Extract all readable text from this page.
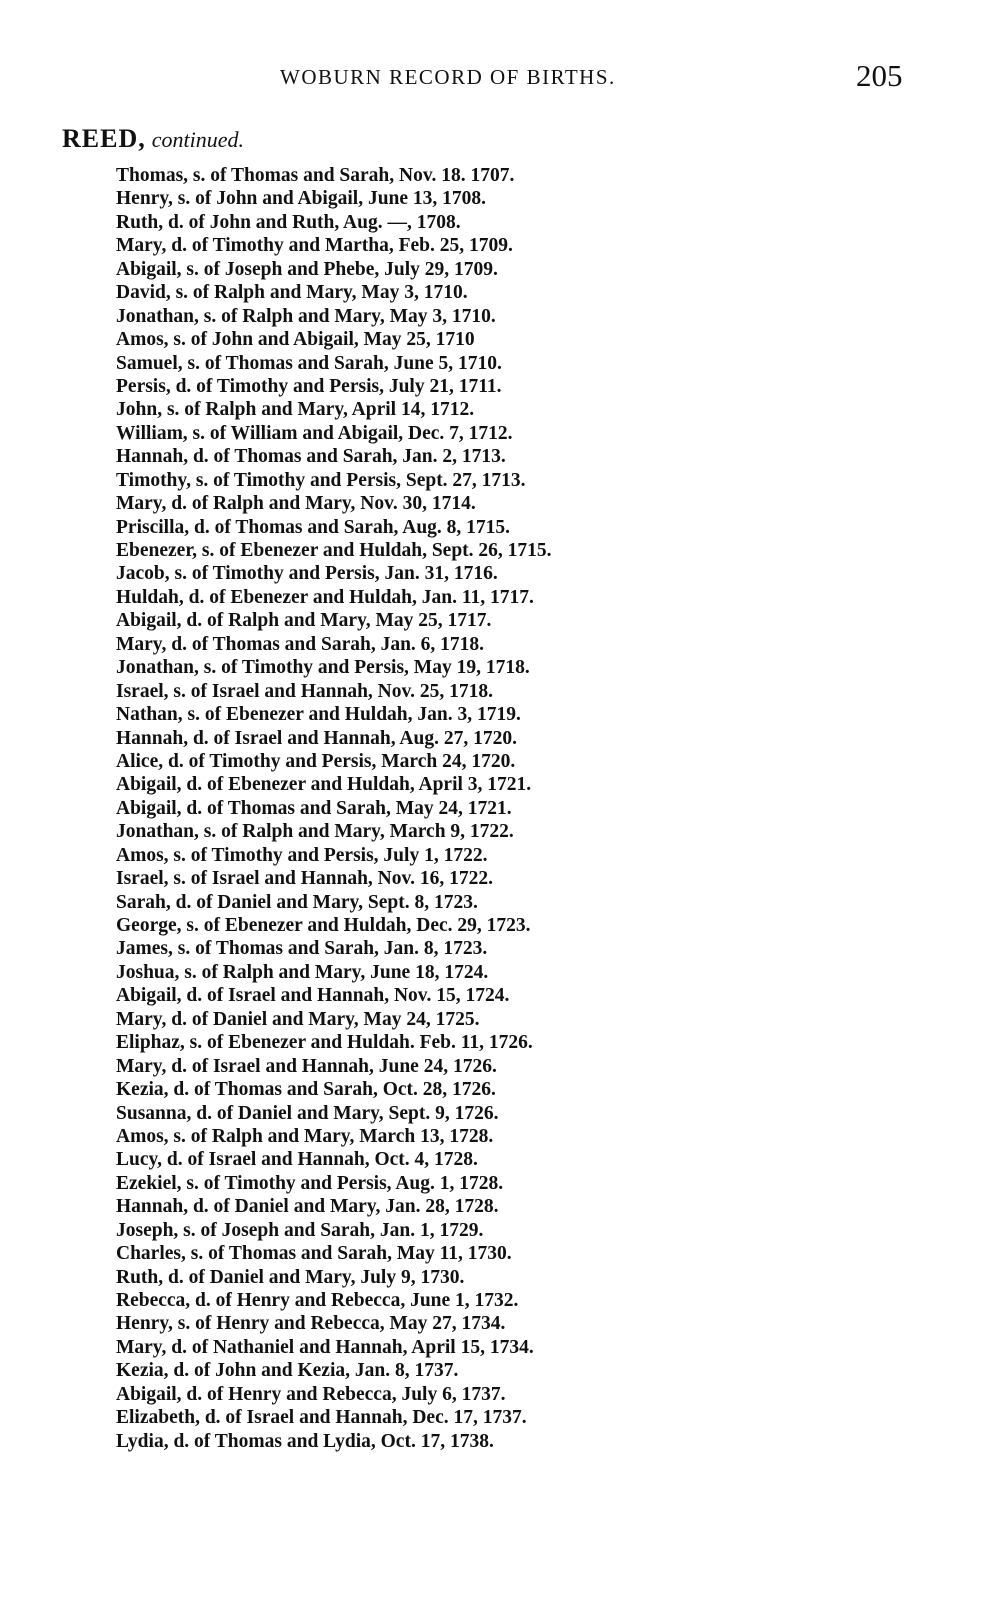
WOBURN RECORD OF BIRTHS.	205
REED, continued.
Thomas, s. of Thomas and Sarah, Nov. 18. 1707.
Henry, s. of John and Abigail, June 13, 1708.
Ruth, d. of John and Ruth, Aug. —, 1708.
Mary, d. of Timothy and Martha, Feb. 25, 1709.
Abigail, s. of Joseph and Phebe, July 29, 1709.
David, s. of Ralph and Mary, May 3, 1710.
Jonathan, s. of Ralph and Mary, May 3, 1710.
Amos, s. of John and Abigail, May 25, 1710
Samuel, s. of Thomas and Sarah, June 5, 1710.
Persis, d. of Timothy and Persis, July 21, 1711.
John, s. of Ralph and Mary, April 14, 1712.
William, s. of William and Abigail, Dec. 7, 1712.
Hannah, d. of Thomas and Sarah, Jan. 2, 1713.
Timothy, s. of Timothy and Persis, Sept. 27, 1713.
Mary, d. of Ralph and Mary, Nov. 30, 1714.
Priscilla, d. of Thomas and Sarah, Aug. 8, 1715.
Ebenezer, s. of Ebenezer and Huldah, Sept. 26, 1715.
Jacob, s. of Timothy and Persis, Jan. 31, 1716.
Huldah, d. of Ebenezer and Huldah, Jan. 11, 1717.
Abigail, d. of Ralph and Mary, May 25, 1717.
Mary, d. of Thomas and Sarah, Jan. 6, 1718.
Jonathan, s. of Timothy and Persis, May 19, 1718.
Israel, s. of Israel and Hannah, Nov. 25, 1718.
Nathan, s. of Ebenezer and Huldah, Jan. 3, 1719.
Hannah, d. of Israel and Hannah, Aug. 27, 1720.
Alice, d. of Timothy and Persis, March 24, 1720.
Abigail, d. of Ebenezer and Huldah, April 3, 1721.
Abigail, d. of Thomas and Sarah, May 24, 1721.
Jonathan, s. of Ralph and Mary, March 9, 1722.
Amos, s. of Timothy and Persis, July 1, 1722.
Israel, s. of Israel and Hannah, Nov. 16, 1722.
Sarah, d. of Daniel and Mary, Sept. 8, 1723.
George, s. of Ebenezer and Huldah, Dec. 29, 1723.
James, s. of Thomas and Sarah, Jan. 8, 1723.
Joshua, s. of Ralph and Mary, June 18, 1724.
Abigail, d. of Israel and Hannah, Nov. 15, 1724.
Mary, d. of Daniel and Mary, May 24, 1725.
Eliphaz, s. of Ebenezer and Huldah. Feb. 11, 1726.
Mary, d. of Israel and Hannah, June 24, 1726.
Kezia, d. of Thomas and Sarah, Oct. 28, 1726.
Susanna, d. of Daniel and Mary, Sept. 9, 1726.
Amos, s. of Ralph and Mary, March 13, 1728.
Lucy, d. of Israel and Hannah, Oct. 4, 1728.
Ezekiel, s. of Timothy and Persis, Aug. 1, 1728.
Hannah, d. of Daniel and Mary, Jan. 28, 1728.
Joseph, s. of Joseph and Sarah, Jan. 1, 1729.
Charles, s. of Thomas and Sarah, May 11, 1730.
Ruth, d. of Daniel and Mary, July 9, 1730.
Rebecca, d. of Henry and Rebecca, June 1, 1732.
Henry, s. of Henry and Rebecca, May 27, 1734.
Mary, d. of Nathaniel and Hannah, April 15, 1734.
Kezia, d. of John and Kezia, Jan. 8, 1737.
Abigail, d. of Henry and Rebecca, July 6, 1737.
Elizabeth, d. of Israel and Hannah, Dec. 17, 1737.
Lydia, d. of Thomas and Lydia, Oct. 17, 1738.
